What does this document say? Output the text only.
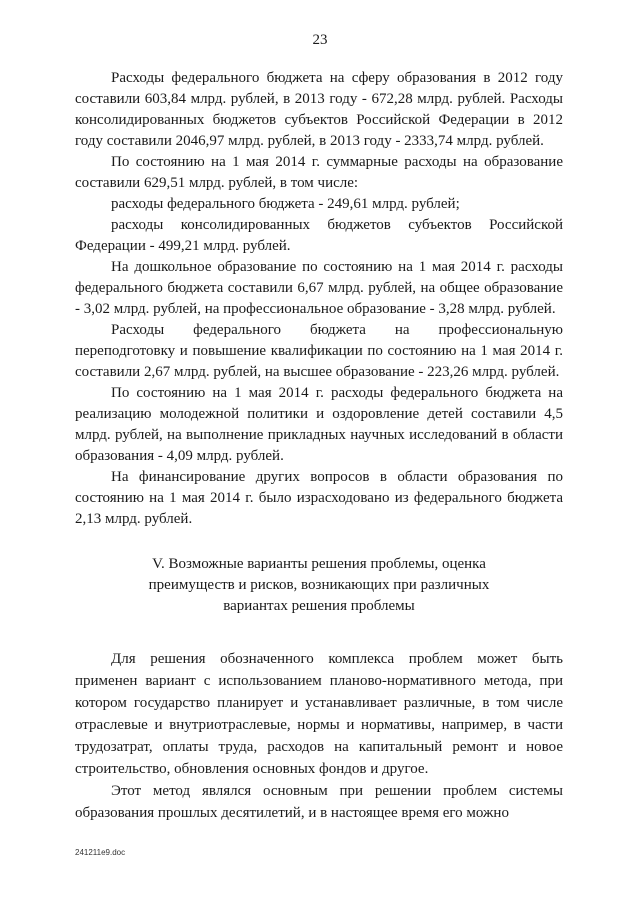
23

Расходы федерального бюджета на сферу образования в 2012 году составили 603,84 млрд. рублей, в 2013 году - 672,28 млрд. рублей. Расходы консолидированных бюджетов субъектов Российской Федерации в 2012 году составили 2046,97 млрд. рублей, в 2013 году - 2333,74 млрд. рублей.

По состоянию на 1 мая 2014 г. суммарные расходы на образование составили 629,51 млрд. рублей, в том числе:

расходы федерального бюджета - 249,61 млрд. рублей;

расходы консолидированных бюджетов субъектов Российской Федерации - 499,21 млрд. рублей.

На дошкольное образование по состоянию на 1 мая 2014 г. расходы федерального бюджета составили 6,67 млрд. рублей, на общее образование - 3,02 млрд. рублей, на профессиональное образование - 3,28 млрд. рублей.

Расходы федерального бюджета на профессиональную переподготовку и повышение квалификации по состоянию на 1 мая 2014 г. составили 2,67 млрд. рублей, на высшее образование - 223,26 млрд. рублей.

По состоянию на 1 мая 2014 г. расходы федерального бюджета на реализацию молодежной политики и оздоровление детей составили 4,5 млрд. рублей, на выполнение прикладных научных исследований в области образования - 4,09 млрд. рублей.

На финансирование других вопросов в области образования по состоянию на 1 мая 2014 г. было израсходовано из федерального бюджета 2,13 млрд. рублей.

V. Возможные варианты решения проблемы, оценка
преимуществ и рисков, возникающих при различных
вариантах решения проблемы

Для решения обозначенного комплекса проблем может быть применен вариант с использованием планово-нормативного метода, при котором государство планирует и устанавливает различные, в том числе отраслевые и внутриотраслевые, нормы и нормативы, например, в части трудозатрат, оплаты труда, расходов на капитальный ремонт и новое строительство, обновления основных фондов и другое.

Этот метод являлся основным при решении проблем системы образования прошлых десятилетий, и в настоящее время его можно

241211e9.doc
